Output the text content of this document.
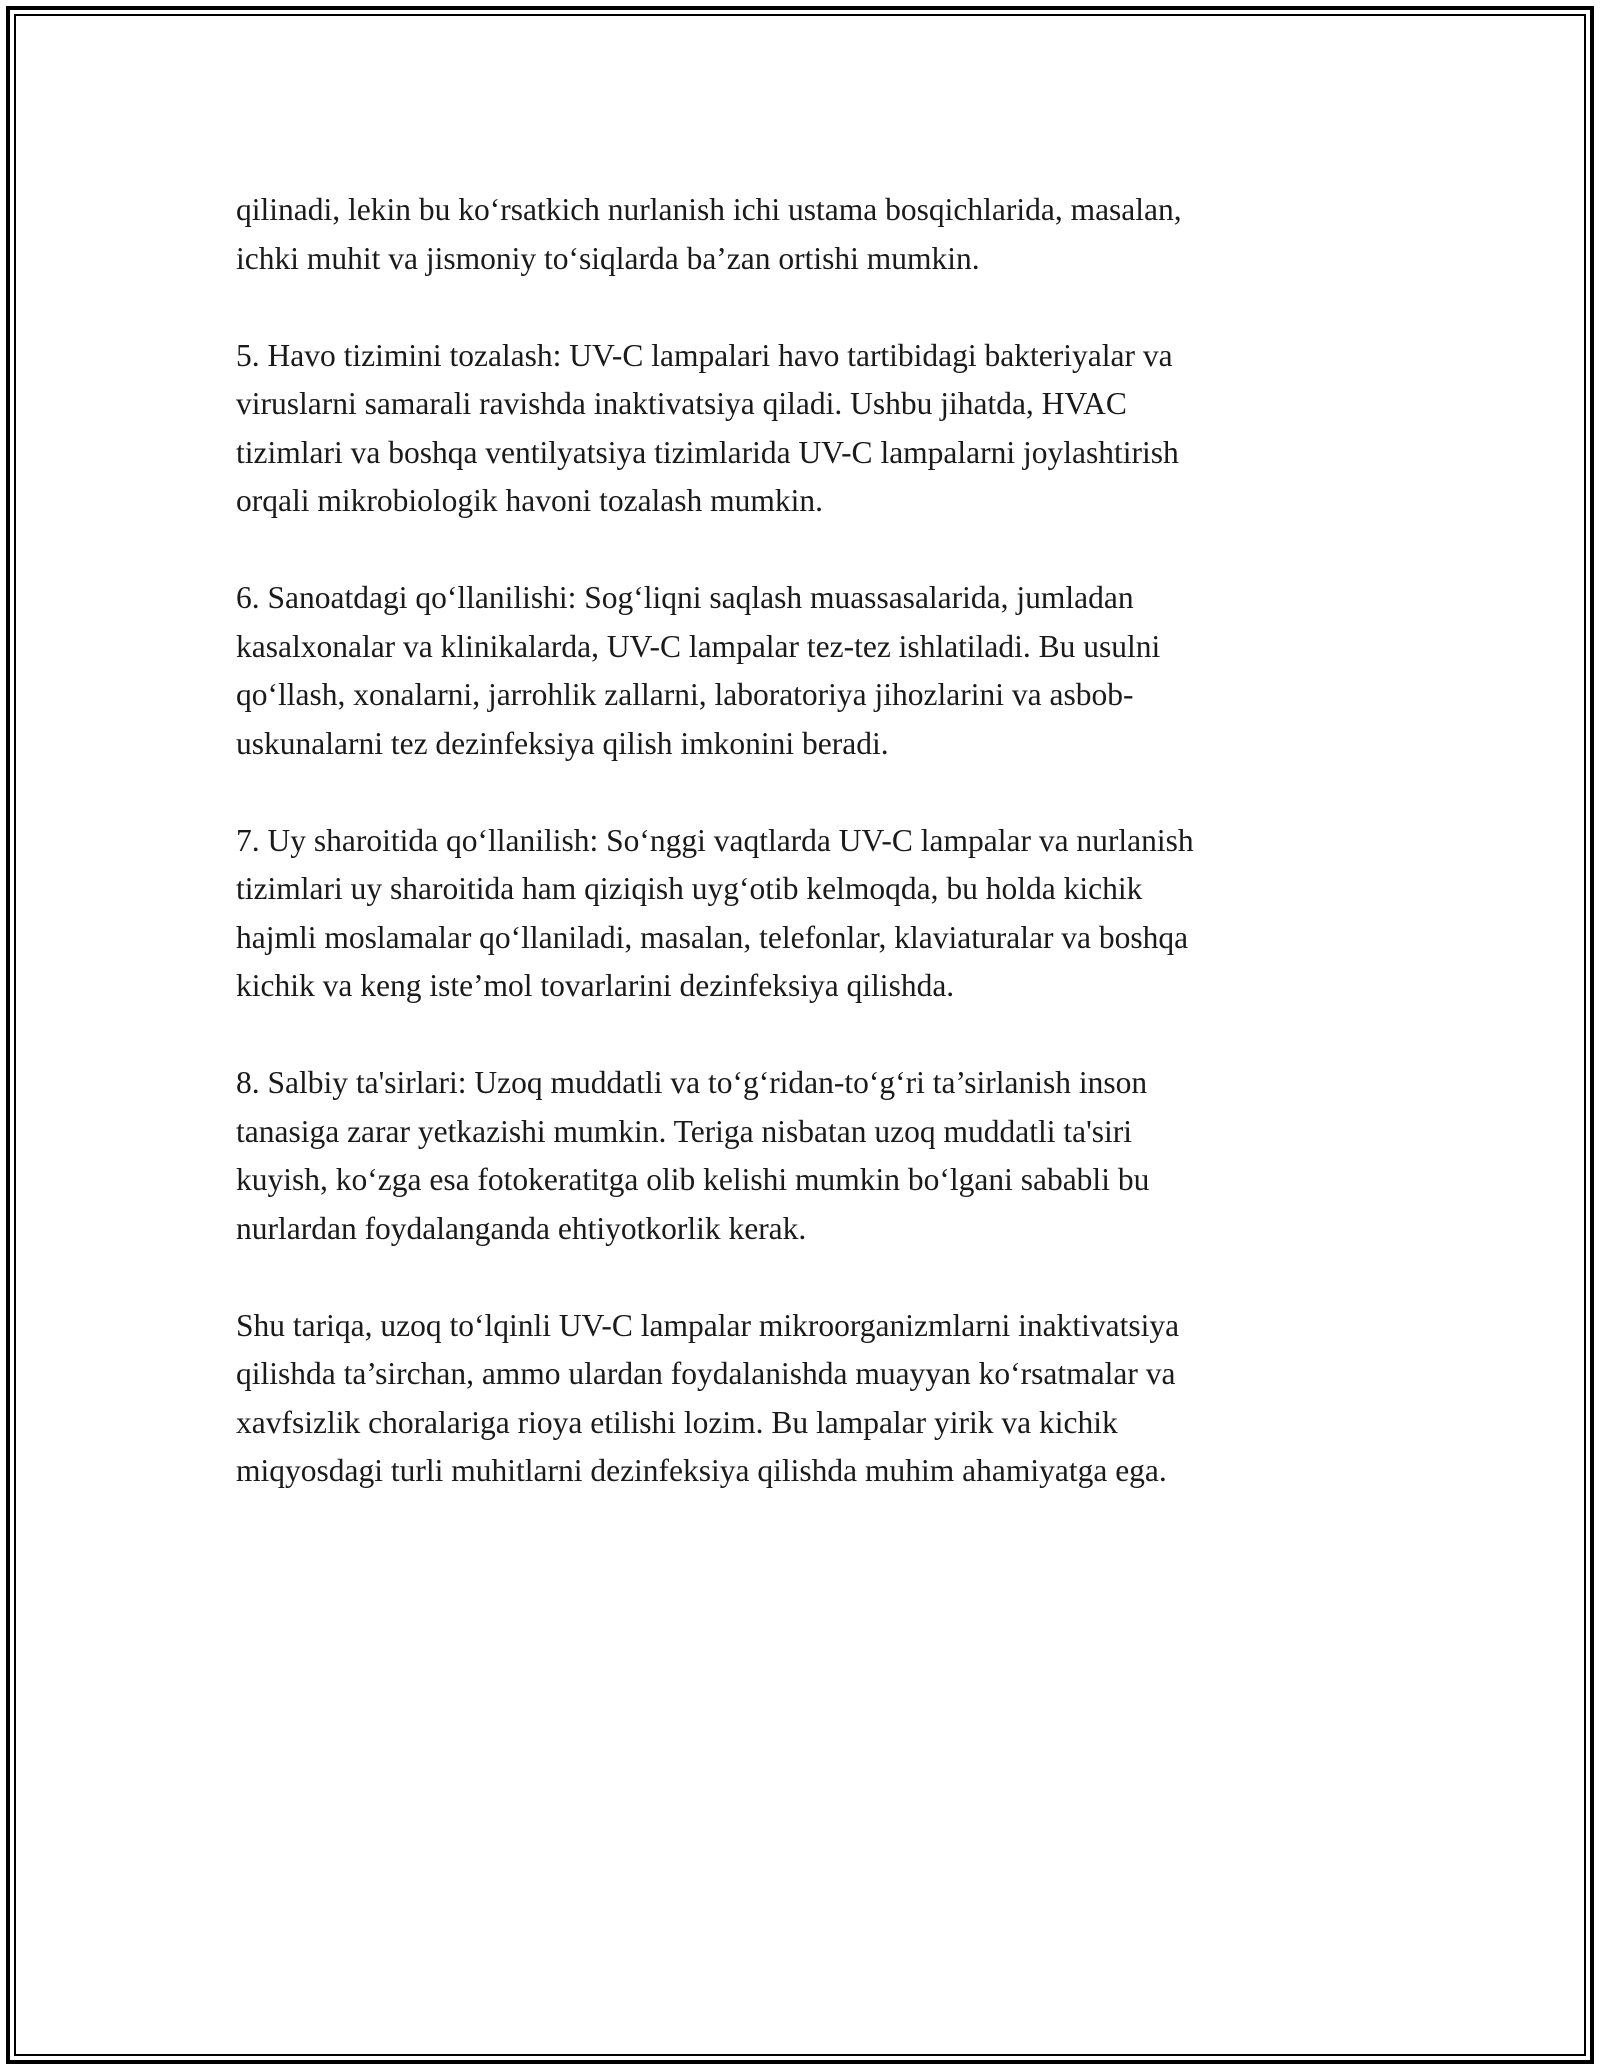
qilinadi, lekin bu ko‘rsatkich nurlanish ichi ustama bosqichlarida, masalan,
ichki muhit va jismoniy to‘siqlarda ba’zan ortishi mumkin.

5. Havo tizimini tozalash: UV-C lampalari havo tartibidagi bakteriyalar va
viruslarni samarali ravishda inaktivatsiya qiladi. Ushbu jihatda, HVAC
tizimlari va boshqa ventilyatsiya tizimlarida UV-C lampalarni joylashtirish
orqali mikrobiologik havoni tozalash mumkin.

6. Sanoatdagi qo‘llanilishi: Sog‘liqni saqlash muassasalarida, jumladan
kasalxonalar va klinikalarda, UV-C lampalar tez-tez ishlatiladi. Bu usulni
qo‘llash, xonalarni, jarrohlik zallarni, laboratoriya jihozlarini va asbob-
uskunalarni tez dezinfeksiya qilish imkonini beradi.

7. Uy sharoitida qo‘llanilish: So‘nggi vaqtlarda UV-C lampalar va nurlanish
tizimlari uy sharoitida ham qiziqish uyg‘otib kelmoqda, bu holda kichik
hajmli moslamalar qo‘llaniladi, masalan, telefonlar, klaviaturalar va boshqa
kichik va keng iste’mol tovarlarini dezinfeksiya qilishda.

8. Salbiy ta'sirlari: Uzoq muddatli va to‘g‘ridan-to‘g‘ri ta’sirlanish inson
tanasiga zarar yetkazishi mumkin. Teriga nisbatan uzoq muddatli ta'siri
kuyish, ko‘zga esa fotokeratitga olib kelishi mumkin bo‘lgani sababli bu
nurlardan foydalanganda ehtiyotkorlik kerak.

Shu tariqa, uzoq to‘lqinli UV-C lampalar mikroorganizmlarni inaktivatsiya
qilishda ta’sirchan, ammo ulardan foydalanishda muayyan ko‘rsatmalar va
xavfsizlik choralariga rioya etilishi lozim. Bu lampalar yirik va kichik
miqyosdagi turli muhitlarni dezinfeksiya qilishda muhim ahamiyatga ega.
